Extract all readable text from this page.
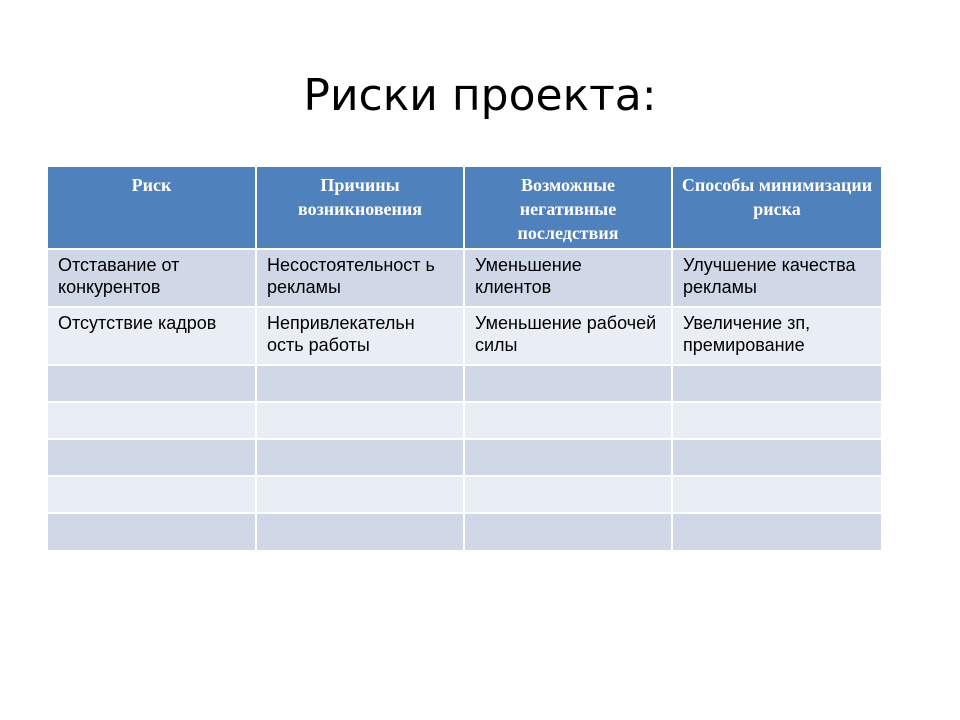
Риски проекта:
Риск	Причины возникновения	Возможные негативные последствия	Способы минимизации риска
Отставание от конкурентов	Несостоятельност ь рекламы	Уменьшение клиентов	Улучшение качества рекламы
Отсутствие кадров	Непривлекательн ость работы	Уменьшение рабочей силы	Увеличение зп, премирование
